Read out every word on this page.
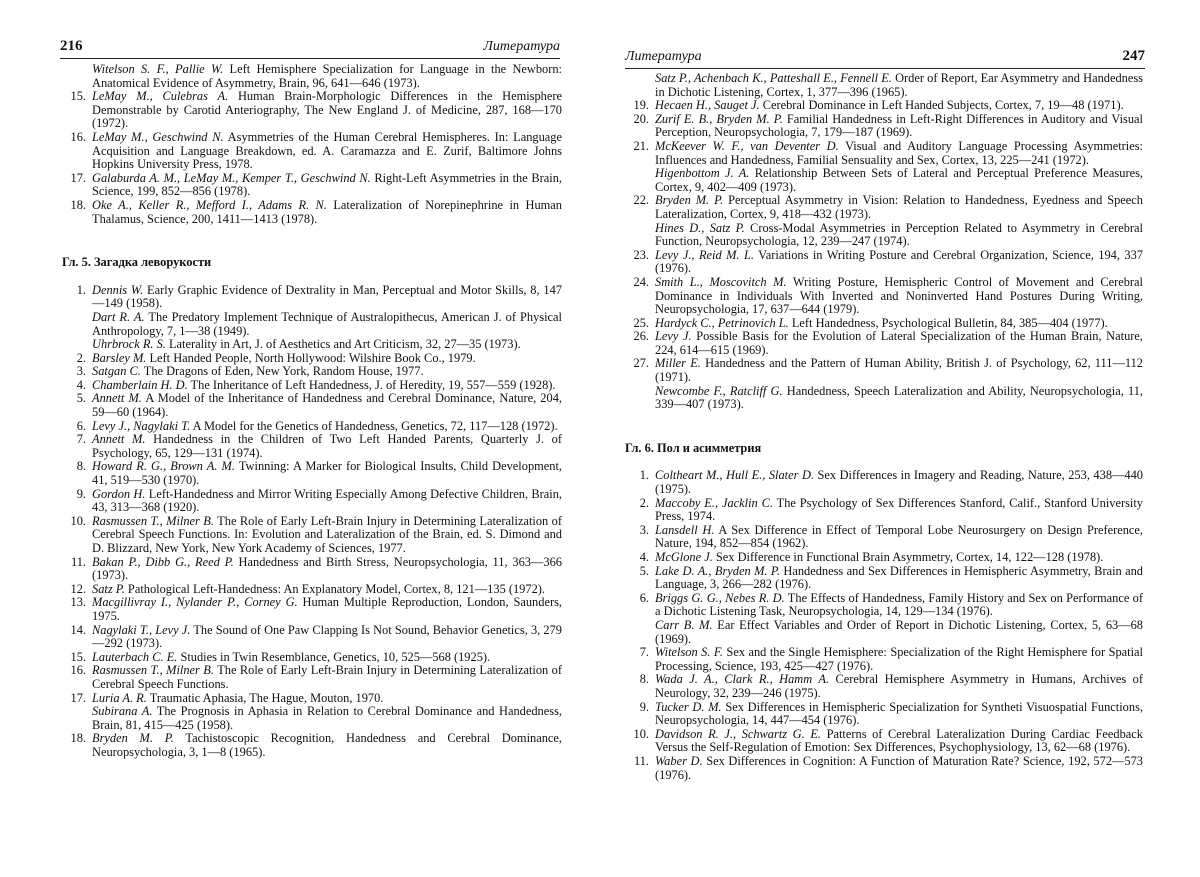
216	Литература

Witelson S. F., Pallie W. Left Hemisphere Specialization for Language in the Newborn: Anatomical Evidence of Asymmetry, Brain, 96, 641—646 (1973).

15. LeMay M., Culebras A. Human Brain-Morphologic Differences in the Hemisphere Demonstrable by Carotid Anteriography, The New England J. of Medicine, 287, 168—170 (1972).

16. LeMay M., Geschwind N. Asymmetries of the Human Cerebral Hemispheres. In: Language Acquisition and Language Breakdown, ed. A. Caramazza and E. Zurif, Baltimore Johns Hopkins University Press, 1978.

17. Galaburda A. M., LeMay M., Kemper T., Geschwind N. Right-Left Asymmetries in the Brain, Science, 199, 852—856 (1978).

18. Oke A., Keller R., Mefford I., Adams R. N. Lateralization of Norepinephrine in Human Thalamus, Science, 200, 1411—1413 (1978).

Гл. 5. Загадка леворукости

1. Dennis W. Early Graphic Evidence of Dextrality in Man, Perceptual and Motor Skills, 8, 147—149 (1958).

Dart R. A. The Predatory Implement Technique of Australopithecus, American J. of Physical Anthropology, 7, 1—38 (1949).

Uhrbrock R. S. Laterality in Art, J. of Aesthetics and Art Criticism, 32, 27—35 (1973).

2. Barsley M. Left Handed People, North Hollywood: Wilshire Book Co., 1979.

3. Satgan C. The Dragons of Eden, New York, Random House, 1977.

4. Chamberlain H. D. The Inheritance of Left Handedness, J. of Heredity, 19, 557—559 (1928).

5. Annett M. A Model of the Inheritance of Handedness and Cerebral Dominance, Nature, 204, 59—60 (1964).

6. Levy J., Nagylaki T. A Model for the Genetics of Handedness, Genetics, 72, 117—128 (1972).

7. Annett M. Handedness in the Children of Two Left Handed Parents, Quarterly J. of Psychology, 65, 129—131 (1974).

8. Howard R. G., Brown A. M. Twinning: A Marker for Biological Insults, Child Development, 41, 519—530 (1970).

9. Gordon H. Left-Handedness and Mirror Writing Especially Among Defective Children, Brain, 43, 313—368 (1920).

10. Rasmussen T., Milner B. The Role of Early Left-Brain Injury in Determining Lateralization of Cerebral Speech Functions. In: Evolution and Lateralization of the Brain, ed. S. Dimond and D. Blizzard, New York, New York Academy of Sciences, 1977.

11. Bakan P., Dibb G., Reed P. Handedness and Birth Stress, Neuropsychologia, 11, 363—366 (1973).

12. Satz P. Pathological Left-Handedness: An Explanatory Model, Cortex, 8, 121—135 (1972).

13. Macgillivray I., Nylander P., Corney G. Human Multiple Reproduction, London, Saunders, 1975.

14. Nagylaki T., Levy J. The Sound of One Paw Clapping Is Not Sound, Behavior Genetics, 3, 279—292 (1973).

15. Lauterbach C. E. Studies in Twin Resemblance, Genetics, 10, 525—568 (1925).

16. Rasmussen T., Milner B. The Role of Early Left-Brain Injury in Determining Lateralization of Cerebral Speech Functions.

17. Luria A. R. Traumatic Aphasia, The Hague, Mouton, 1970.

Subirana A. The Prognosis in Aphasia in Relation to Cerebral Dominance and Handedness, Brain, 81, 415—425 (1958).

18. Bryden M. P. Tachistoscopic Recognition, Handedness and Cerebral Dominance, Neuropsychologia, 3, 1—8 (1965).

Литература	247

Satz P., Achenbach K., Patteshall E., Fennell E. Order of Report, Ear Asymmetry and Handedness in Dichotic Listening, Cortex, 1, 377—396 (1965).

19. Hecaen H., Sauget J. Cerebral Dominance in Left Handed Subjects, Cortex, 7, 19—48 (1971).

20. Zurif E. B., Bryden M. P. Familial Handedness in Left-Right Differences in Auditory and Visual Perception, Neuropsychologia, 7, 179—187 (1969).

21. McKeever W. F., van Deventer D. Visual and Auditory Language Processing Asymmetries: Influences and Handedness, Familial Sensuality and Sex, Cortex, 13, 225—241 (1972).

Higenbottom J. A. Relationship Between Sets of Lateral and Perceptual Preference Measures, Cortex, 9, 402—409 (1973).

22. Bryden M. P. Perceptual Asymmetry in Vision: Relation to Handedness, Eyedness and Speech Lateralization, Cortex, 9, 418—432 (1973).

Hines D., Satz P. Cross-Modal Asymmetries in Perception Related to Asymmetry in Cerebral Function, Neuropsychologia, 12, 239—247 (1974).

23. Levy J., Reid M. L. Variations in Writing Posture and Cerebral Organization, Science, 194, 337 (1976).

24. Smith L., Moscovitch M. Writing Posture, Hemispheric Control of Movement and Cerebral Dominance in Individuals With Inverted and Noninverted Hand Postures During Writing, Neuropsychologia, 17, 637—644 (1979).

25. Hardyck C., Petrinovich L. Left Handedness, Psychological Bulletin, 84, 385—404 (1977).

26. Levy J. Possible Basis for the Evolution of Lateral Specialization of the Human Brain, Nature, 224, 614—615 (1969).

27. Miller E. Handedness and the Pattern of Human Ability, British J. of Psychology, 62, 111—112 (1971).

Newcombe F., Ratcliff G. Handedness, Speech Lateralization and Ability, Neuropsychologia, 11, 339—407 (1973).

Гл. 6. Пол и асимметрия

1. Coltheart M., Hull E., Slater D. Sex Differences in Imagery and Reading, Nature, 253, 438—440 (1975).

2. Maccoby E., Jacklin C. The Psychology of Sex Differences Stanford, Calif., Stanford University Press, 1974.

3. Lansdell H. A Sex Difference in Effect of Temporal Lobe Neurosurgery on Design Preference, Nature, 194, 852—854 (1962).

4. McGlone J. Sex Difference in Functional Brain Asymmetry, Cortex, 14, 122—128 (1978).

5. Lake D. A., Bryden M. P. Handedness and Sex Differences in Hemispheric Asymmetry, Brain and Language, 3, 266—282 (1976).

6. Briggs G. G., Nebes R. D. The Effects of Handedness, Family History and Sex on Performance of a Dichotic Listening Task, Neuropsychologia, 14, 129—134 (1976).

Carr B. M. Ear Effect Variables and Order of Report in Dichotic Listening, Cortex, 5, 63—68 (1969).

7. Witelson S. F. Sex and the Single Hemisphere: Specialization of the Right Hemisphere for Spatial Processing, Science, 193, 425—427 (1976).

8. Wada J. A., Clark R., Hamm A. Cerebral Hemisphere Asymmetry in Humans, Archives of Neurology, 32, 239—246 (1975).

9. Tucker D. M. Sex Differences in Hemispheric Specialization for Syntheti Visuospatial Functions, Neuropsychologia, 14, 447—454 (1976).

10. Davidson R. J., Schwartz G. E. Patterns of Cerebral Lateralization During Cardiac Feedback Versus the Self-Regulation of Emotion: Sex Differences, Psychophysiology, 13, 62—68 (1976).

11. Waber D. Sex Differences in Cognition: A Function of Maturation Rate? Science, 192, 572—573 (1976).
